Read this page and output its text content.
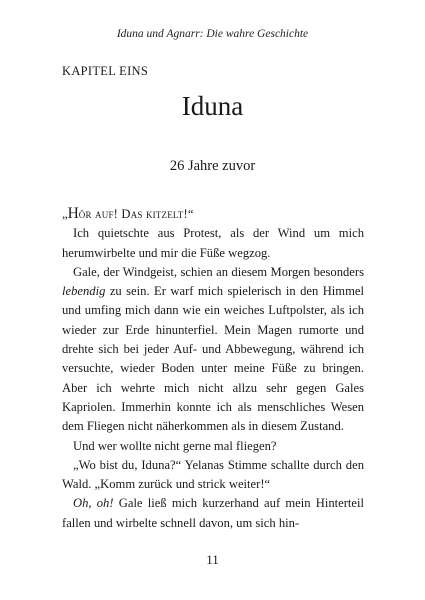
Iduna und Agnarr: Die wahre Geschichte
KAPITEL EINS
Iduna
26 Jahre zuvor

„Hör auf! Das kitzelt!“

Ich quietschte aus Protest, als der Wind um mich herumwirbelte und mir die Füße wegzog.

Gale, der Windgeist, schien an diesem Morgen besonders lebendig zu sein. Er warf mich spielerisch in den Himmel und umfing mich dann wie ein weiches Luftpolster, als ich wieder zur Erde hinunterfiel. Mein Magen rumorte und drehte sich bei jeder Auf- und Abbewegung, während ich versuchte, wieder Boden unter meine Füße zu bringen. Aber ich wehrte mich nicht allzu sehr gegen Gales Kapriolen. Immerhin konnte ich als menschliches Wesen dem Fliegen nicht näherkommen als in diesem Zustand.

Und wer wollte nicht gerne mal fliegen?

„Wo bist du, Iduna?“ Yelanas Stimme schallte durch den Wald. „Komm zurück und strick weiter!“

Oh, oh! Gale ließ mich kurzerhand auf mein Hinterteil fallen und wirbelte schnell davon, um sich hin-

11
